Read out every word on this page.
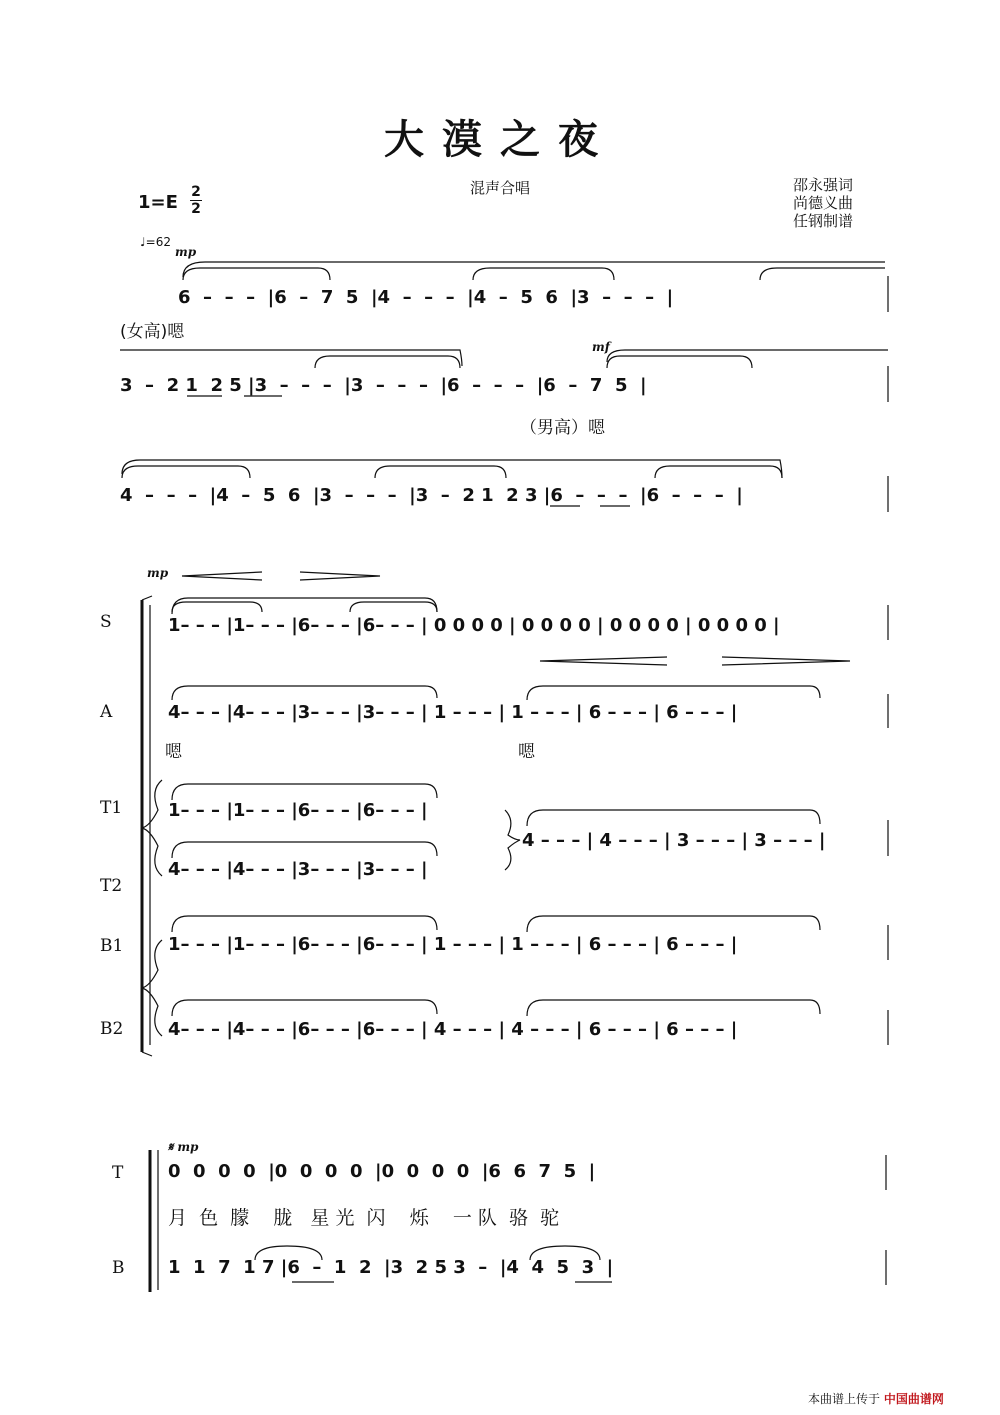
大漠之夜
混声合唱	邵永强词
尚德义曲
任钢制谱
1=E 2
2
♩=62
mp
6  –  –  –  |6  –  7  5  |4  –  –  –  |4  –  5  6  |3  –  –  –  |
(女高)嗯
3  –  2 1  2 5 |3  –  –  –  |3  –  –  –  |6  –  –  –  |6  –  7  5  |
mf
（男高）嗯
4  –  –  –  |4  –  5  6  |3  –  –  –  |3  –  2 1  2 3 |6  –  –  –  |6  –  –  –  |
mp
S
A
T1
T2
B1
B2
1– – – |1– – – |6– – – |6– – – | 0 0 0 0 | 0 0 0 0 | 0 0 0 0 | 0 0 0 0 |
4– – – |4– – – |3– – – |3– – – | 1 – – – | 1 – – – | 6 – – – | 6 – – – |
嗯	嗯
1– – – |1– – – |6– – – |6– – – |
4– – – |4– – – |3– – – |3– – – |
4 – – – | 4 – – – | 3 – – – | 3 – – – |
1– – – |1– – – |6– – – |6– – – | 1 – – – | 1 – – – | 6 – – – | 6 – – – |
4– – – |4– – – |6– – – |6– – – | 4 – – – | 4 – – – | 6 – – – | 6 – – – |
𝄋 mp
T
B
0  0  0  0  |0  0  0  0  |0  0  0  0  |6  6  7  5  |
月  色  朦    胧   星 光  闪    烁    一 队  骆  驼
1  1  7  1 7 |6  –  1  2  |3  2 5 3  –  |4  4  5  3  |
本曲谱上传于 中国曲谱网
